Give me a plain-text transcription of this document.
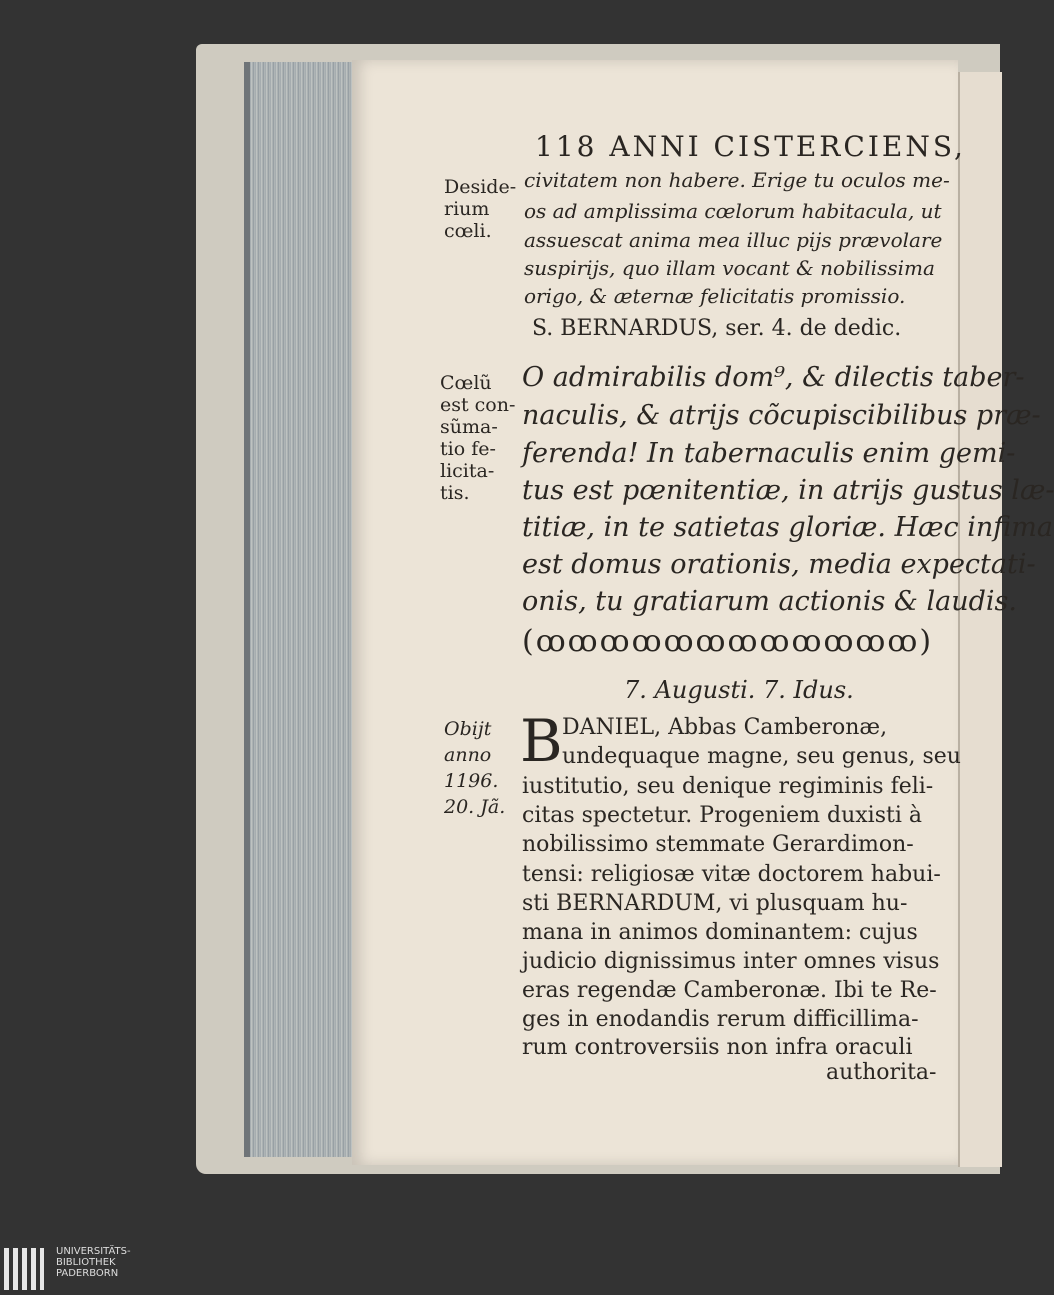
118 ANNI CISTERCIENS,
Deside-
rium
cœli.
civitatem non habere. Erige tu oculos me-
os ad amplissima cœlorum habitacula, ut
assuescat anima mea illuc pijs prævolare
suspirijs, quo illam vocant & nobilissima
origo, & æternæ felicitatis promissio.
S. BERNARDUS, ser. 4. de dedic.
Cœlũ
est con-
sũma-
tio fe-
licita-
tis.
O admirabilis dom⁹, & dilectis taber-
naculis, & atrijs cõcupiscibilibus præ-
ferenda! In tabernaculis enim gemi-
tus est pœnitentiæ, in atrijs gustus læ-
titiæ, in te satietas gloriæ. Hæc infima
est domus orationis, media expectati-
onis, tu gratiarum actionis & laudis.
(ꚙꚙꚙꚙꚙꚙꚙꚙꚙꚙꚙꚙ)
7. Augusti. 7. Idus.
Obijt
anno
1196.
20. Jã.
B DANIEL, Abbas Camberonæ,
undequaque magne, seu genus, seu
iustitutio, seu denique regiminis feli-
citas spectetur. Progeniem duxisti à
nobilissimo stemmate Gerardimon-
tensi: religiosæ vitæ doctorem habui-
sti BERNARDUM, vi plusquam hu-
mana in animos dominantem: cujus
judicio dignissimus inter omnes visus
eras regendæ Camberonæ. Ibi te Re-
ges in enodandis rerum difficillima-
rum controversiis non infra oraculi
authorita-
UNIVERSITÄTS-
BIBLIOTHEK
PADERBORN
